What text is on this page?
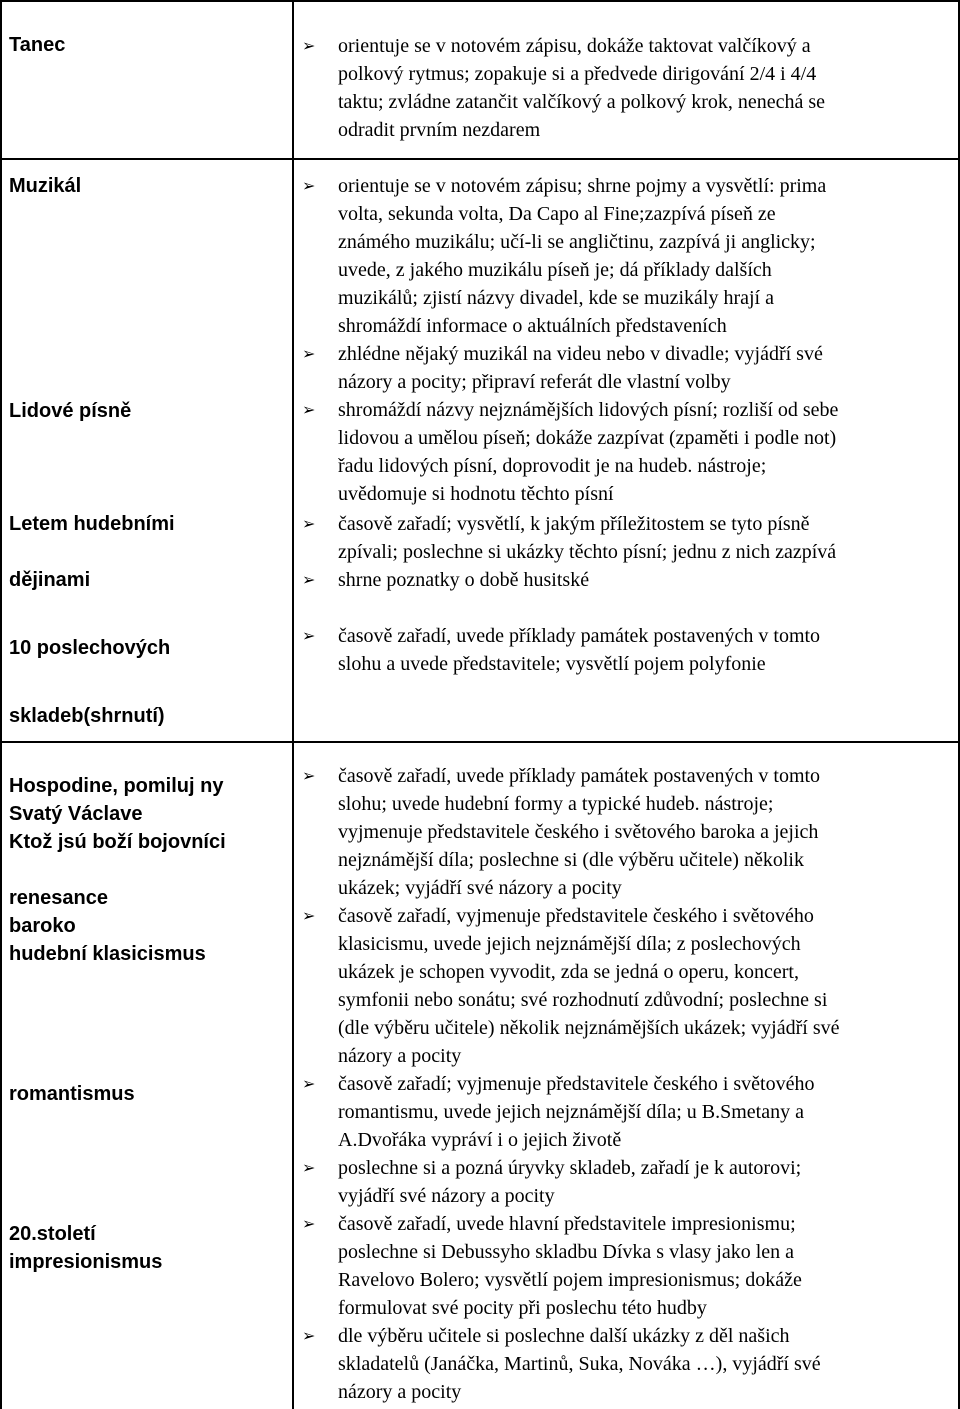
Tanec
Muzikál
Lidové písně
Letem hudebními
dějinami
10 poslechových
skladeb(shrnutí)
Hospodine, pomiluj ny
Svatý Václave
Ktož jsú boží bojovníci
renesance
baroko
hudební klasicismus
romantismus
20.století
impresionismus
➢ orientuje se v notovém zápisu, dokáže taktovat valčíkový a
polkový rytmus; zopakuje si a předvede dirigování 2/4 i 4/4
taktu; zvládne zatančit valčíkový a polkový krok, nenechá se
odradit prvním nezdarem
➢ orientuje se v notovém zápisu; shrne pojmy a vysvětlí: prima
volta, sekunda volta, Da Capo al Fine;zazpívá píseň ze
známého muzikálu; učí-li se angličtinu, zazpívá ji anglicky;
uvede, z jakého muzikálu píseň je; dá příklady dalších
muzikálů; zjistí názvy divadel, kde se muzikály hrají a
shromáždí informace o aktuálních představeních
➢ zhlédne nějaký muzikál na videu nebo v divadle; vyjádří své
názory a pocity; připraví referát dle vlastní volby
➢ shromáždí názvy nejznámějších lidových písní; rozliší od sebe
lidovou a umělou píseň; dokáže zazpívat (zpaměti i podle not)
řadu lidových písní, doprovodit je na hudeb. nástroje;
uvědomuje si hodnotu těchto písní
➢ časově zařadí; vysvětlí, k jakým příležitostem se tyto písně
zpívali; poslechne si ukázky těchto písní; jednu z nich zazpívá
➢ shrne poznatky o době husitské
➢ časově zařadí, uvede příklady památek postavených v tomto
slohu a uvede představitele; vysvětlí pojem polyfonie
➢ časově zařadí, uvede příklady památek postavených v tomto
slohu; uvede hudební formy a typické hudeb. nástroje;
vyjmenuje představitele českého i světového baroka a jejich
nejznámější díla; poslechne si (dle výběru učitele) několik
ukázek; vyjádří své názory a pocity
➢ časově zařadí, vyjmenuje představitele českého i světového
klasicismu, uvede jejich nejznámější díla; z poslechových
ukázek je schopen vyvodit, zda se jedná o operu, koncert,
symfonii nebo sonátu; své rozhodnutí zdůvodní; poslechne si
(dle výběru učitele) několik nejznámějších ukázek; vyjádří své
názory a pocity
➢ časově zařadí; vyjmenuje představitele českého i světového
romantismu, uvede jejich nejznámější díla; u B.Smetany a
A.Dvořáka vypráví i o jejich životě
➢ poslechne si a pozná úryvky skladeb, zařadí je k autorovi;
vyjádří své názory a pocity
➢ časově zařadí, uvede hlavní představitele impresionismu;
poslechne si Debussyho skladbu Dívka s vlasy jako len a
Ravelovo Bolero; vysvětlí pojem impresionismus; dokáže
formulovat své pocity při poslechu této hudby
➢ dle výběru učitele si poslechne další ukázky z děl našich
skladatelů (Janáčka, Martinů, Suka, Nováka …), vyjádří své
názory a pocity
